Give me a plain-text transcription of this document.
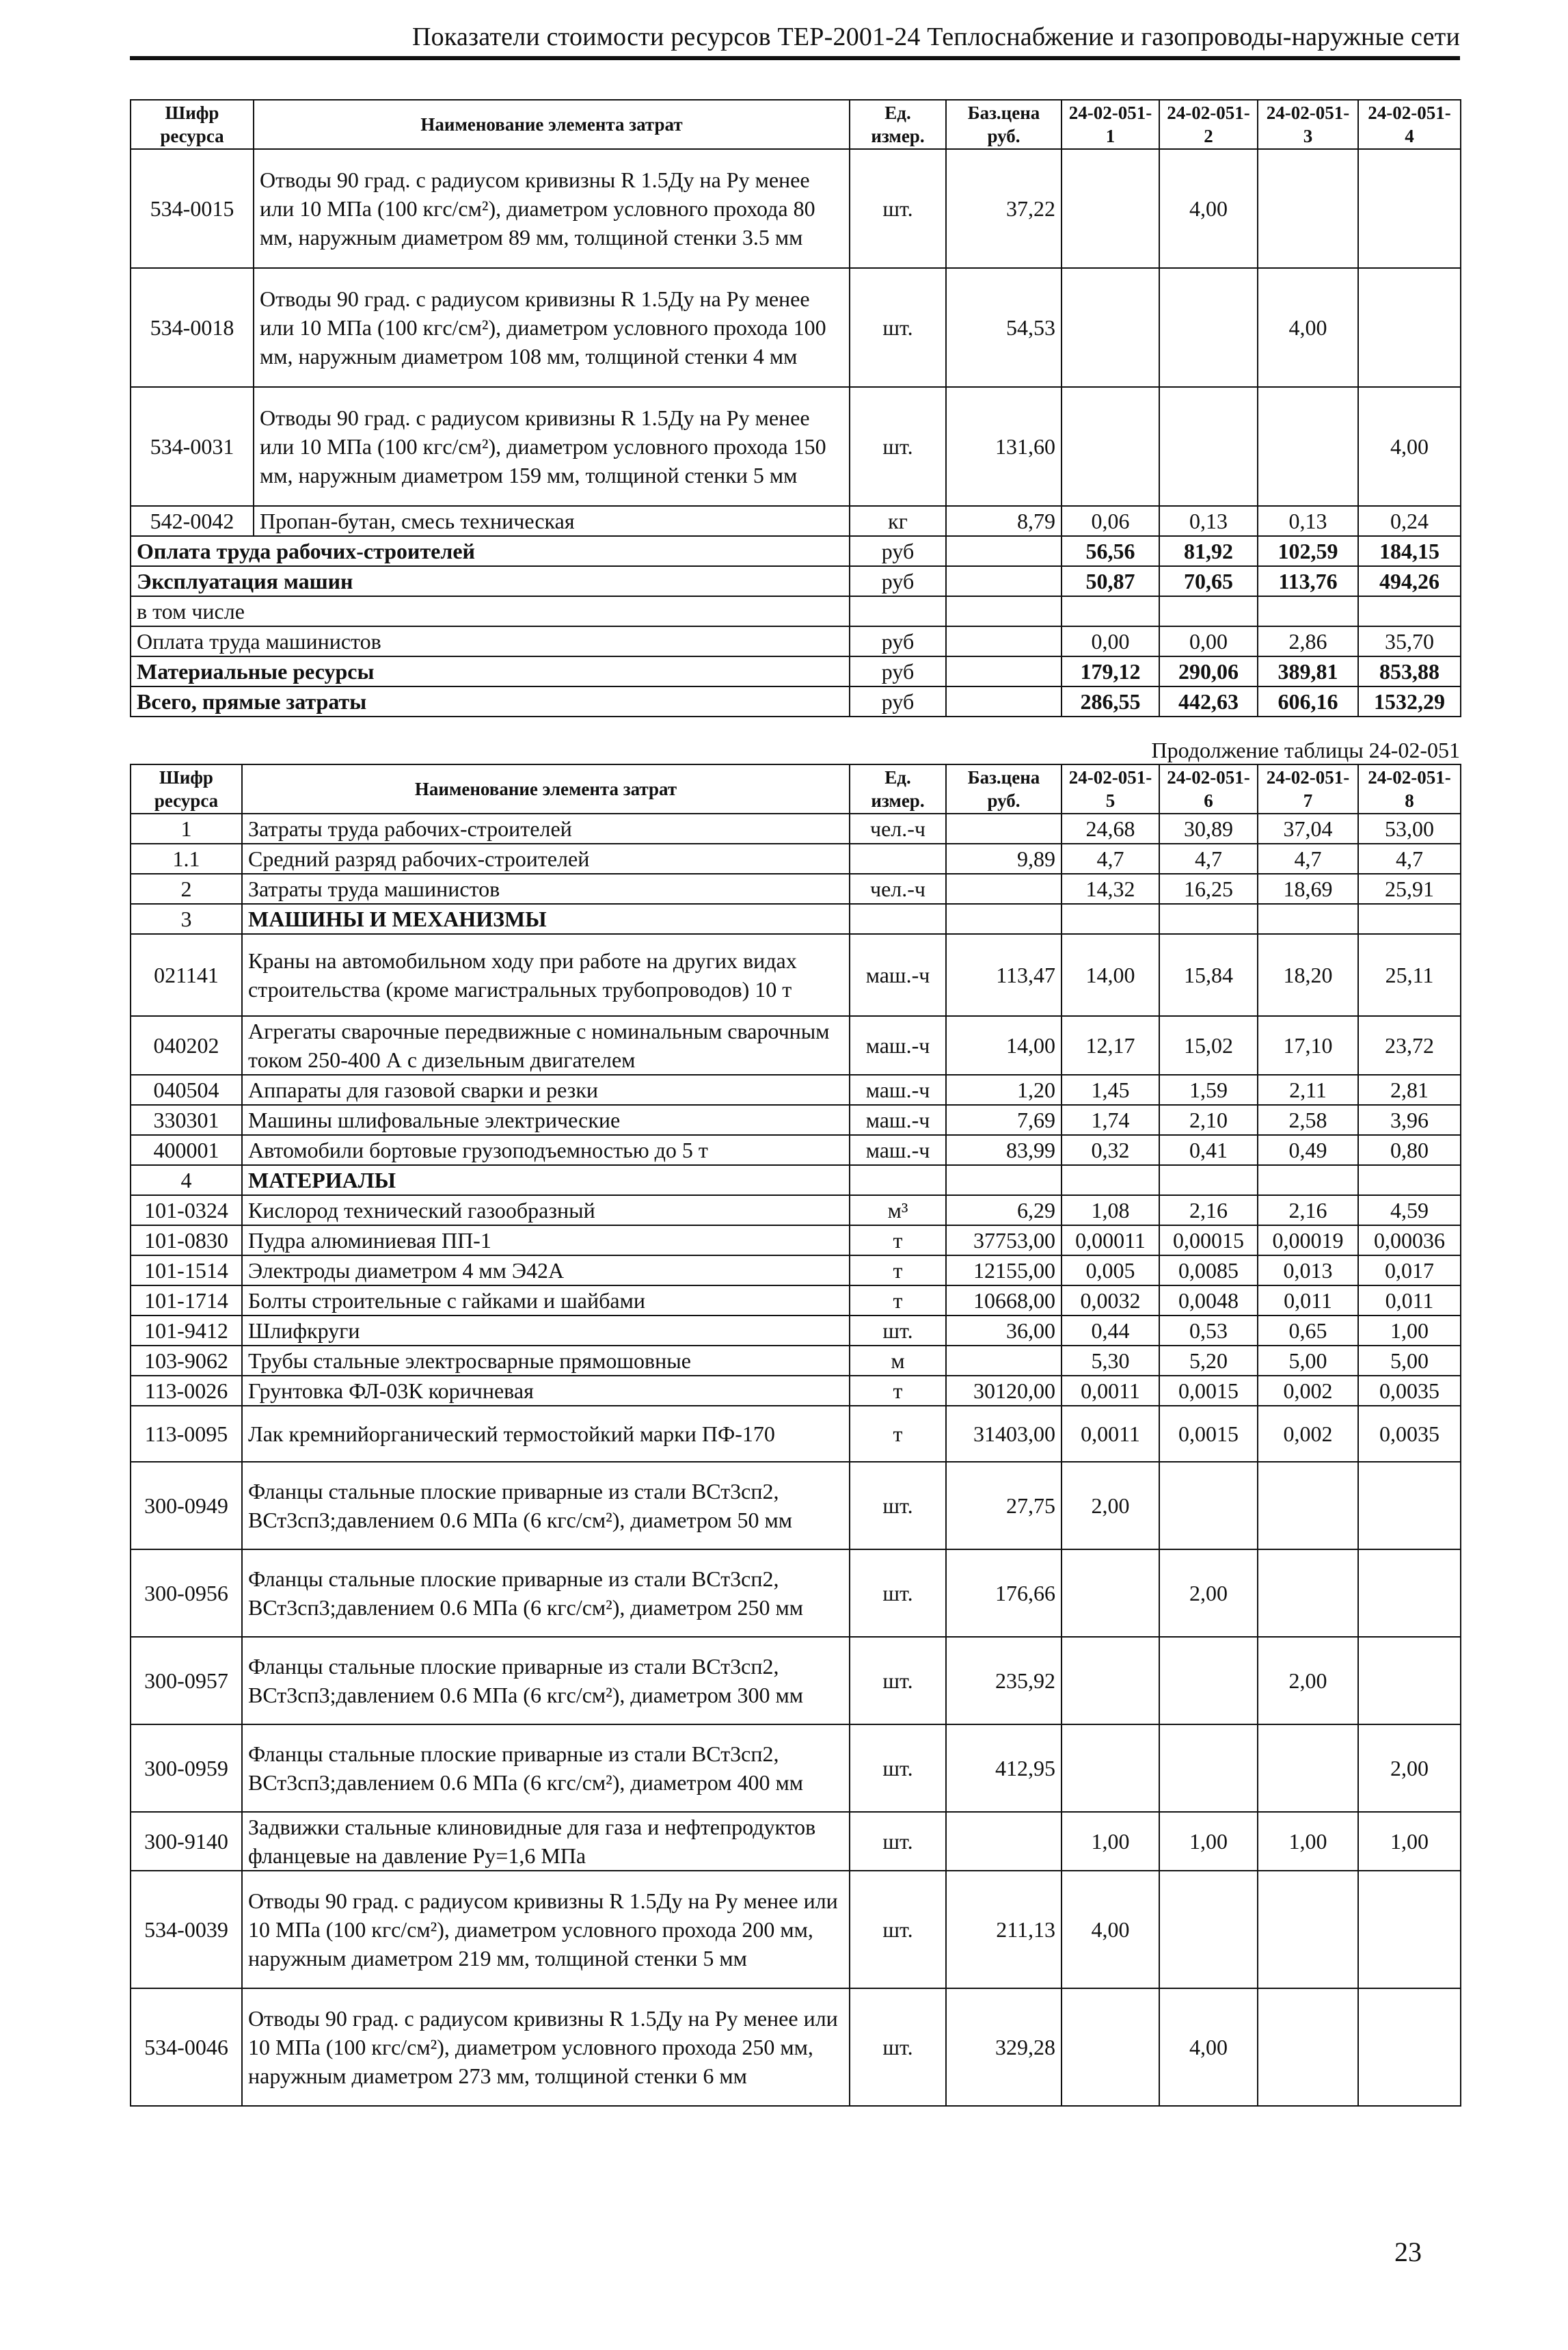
Показатели стоимости ресурсов ТЕР-2001-24 Теплоснабжение и газопроводы-наружные сети
Шифр ресурса	Наименование элемента затрат	Ед. измер.	Баз.цена руб.	24-02-051-1	24-02-051-2	24-02-051-3	24-02-051-4
534-0015	Отводы 90 град. с радиусом кривизны R 1.5Ду на Ру менее или 10 МПа (100 кгс/см²), диаметром условного прохода 80 мм, наружным диаметром 89 мм, толщиной стенки 3.5 мм	шт.	37,22		4,00		
534-0018	Отводы 90 град. с радиусом кривизны R 1.5Ду на Ру менее или 10 МПа (100 кгс/см²), диаметром условного прохода 100 мм, наружным диаметром 108 мм, толщиной стенки 4 мм	шт.	54,53			4,00	
534-0031	Отводы 90 град. с радиусом кривизны R 1.5Ду на Ру менее или 10 МПа (100 кгс/см²), диаметром условного прохода 150 мм, наружным диаметром 159 мм, толщиной стенки 5 мм	шт.	131,60				4,00
542-0042	Пропан-бутан, смесь техническая	кг	8,79	0,06	0,13	0,13	0,24
Оплата труда рабочих-строителей		руб		56,56	81,92	102,59	184,15
Эксплуатация машин		руб		50,87	70,65	113,76	494,26
в том числе							
Оплата труда машинистов		руб		0,00	0,00	2,86	35,70
Материальные ресурсы		руб		179,12	290,06	389,81	853,88
Всего, прямые затраты		руб		286,55	442,63	606,16	1532,29
Продолжение таблицы 24-02-051
Шифр ресурса	Наименование элемента затрат	Ед. измер.	Баз.цена руб.	24-02-051-5	24-02-051-6	24-02-051-7	24-02-051-8
1	Затраты труда рабочих-строителей	чел.-ч		24,68	30,89	37,04	53,00
1.1	Средний разряд рабочих-строителей		9,89	4,7	4,7	4,7	4,7
2	Затраты труда машинистов	чел.-ч		14,32	16,25	18,69	25,91
3	МАШИНЫ И МЕХАНИЗМЫ						
021141	Краны на автомобильном ходу при работе на других видах строительства (кроме магистральных трубопроводов) 10 т	маш.-ч	113,47	14,00	15,84	18,20	25,11
040202	Агрегаты сварочные передвижные с номинальным сварочным током 250-400 А с дизельным двигателем	маш.-ч	14,00	12,17	15,02	17,10	23,72
040504	Аппараты для газовой сварки и резки	маш.-ч	1,20	1,45	1,59	2,11	2,81
330301	Машины шлифовальные электрические	маш.-ч	7,69	1,74	2,10	2,58	3,96
400001	Автомобили бортовые грузоподъемностью до 5 т	маш.-ч	83,99	0,32	0,41	0,49	0,80
4	МАТЕРИАЛЫ						
101-0324	Кислород технический газообразный	м³	6,29	1,08	2,16	2,16	4,59
101-0830	Пудра алюминиевая ПП-1	т	37753,00	0,00011	0,00015	0,00019	0,00036
101-1514	Электроды диаметром 4 мм Э42А	т	12155,00	0,005	0,0085	0,013	0,017
101-1714	Болты строительные с гайками и шайбами	т	10668,00	0,0032	0,0048	0,011	0,011
101-9412	Шлифкруги	шт.	36,00	0,44	0,53	0,65	1,00
103-9062	Трубы стальные электросварные прямошовные	м		5,30	5,20	5,00	5,00
113-0026	Грунтовка ФЛ-03К коричневая	т	30120,00	0,0011	0,0015	0,002	0,0035
113-0095	Лак кремнийорганический термостойкий марки ПФ-170	т	31403,00	0,0011	0,0015	0,002	0,0035
300-0949	Фланцы стальные плоские приварные из стали ВСт3сп2, ВСт3сп3;давлением 0.6 МПа (6 кгс/см²), диаметром 50 мм	шт.	27,75	2,00			
300-0956	Фланцы стальные плоские приварные из стали ВСт3сп2, ВСт3сп3;давлением 0.6 МПа (6 кгс/см²), диаметром 250 мм	шт.	176,66		2,00		
300-0957	Фланцы стальные плоские приварные из стали ВСт3сп2, ВСт3сп3;давлением 0.6 МПа (6 кгс/см²), диаметром 300 мм	шт.	235,92			2,00	
300-0959	Фланцы стальные плоские приварные из стали ВСт3сп2, ВСт3сп3;давлением 0.6 МПа (6 кгс/см²), диаметром 400 мм	шт.	412,95				2,00
300-9140	Задвижки стальные клиновидные для газа и нефтепродуктов фланцевые на давление Ру=1,6 МПа	шт.		1,00	1,00	1,00	1,00
534-0039	Отводы 90 град. с радиусом кривизны R 1.5Ду на Ру менее или 10 МПа (100 кгс/см²), диаметром условного прохода 200 мм, наружным диаметром 219 мм, толщиной стенки 5 мм	шт.	211,13	4,00			
534-0046	Отводы 90 град. с радиусом кривизны R 1.5Ду на Ру менее или 10 МПа (100 кгс/см²), диаметром условного прохода 250 мм, наружным диаметром 273 мм, толщиной стенки 6 мм	шт.	329,28		4,00		
23
